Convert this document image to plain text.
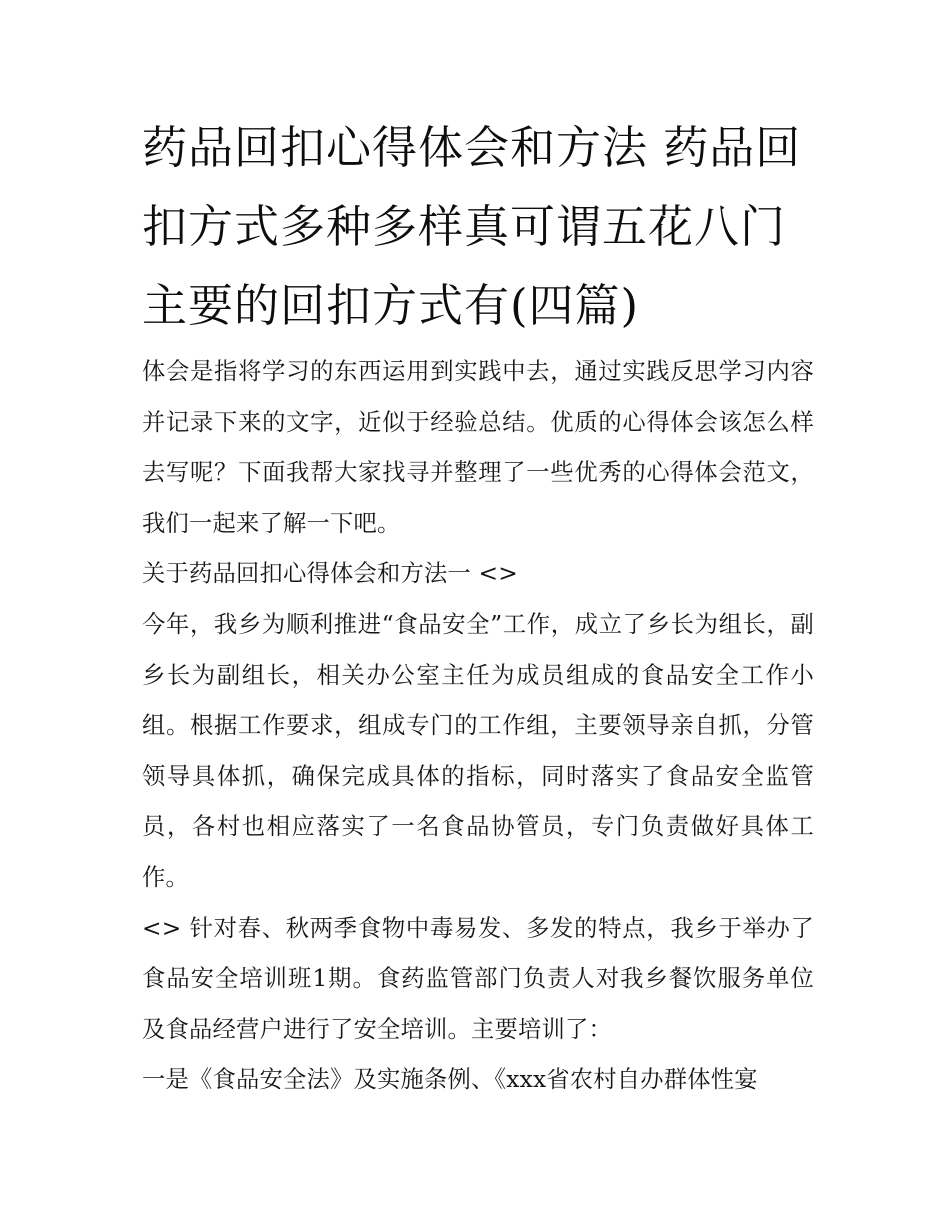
药品回扣心得体会和方法 药品回扣方式多种多样真可谓五花八门主要的回扣方式有(四篇)

体会是指将学习的东西运用到实践中去，通过实践反思学习内容并记录下来的文字，近似于经验总结。优质的心得体会该怎么样去写呢？下面我帮大家找寻并整理了一些优秀的心得体会范文，我们一起来了解一下吧。

关于药品回扣心得体会和方法一 <>

今年，我乡为顺利推进“食品安全”工作，成立了乡长为组长，副乡长为副组长，相关办公室主任为成员组成的食品安全工作小组。根据工作要求，组成专门的工作组，主要领导亲自抓，分管领导具体抓，确保完成具体的指标，同时落实了食品安全监管员，各村也相应落实了一名食品协管员，专门负责做好具体工作。

<> 针对春、秋两季食物中毒易发、多发的特点，我乡于举办了食品安全培训班1期。食药监管部门负责人对我乡餐饮服务单位及食品经营户进行了安全培训。主要培训了：

一是《食品安全法》及实施条例、《xxx省农村自办群体性宴
